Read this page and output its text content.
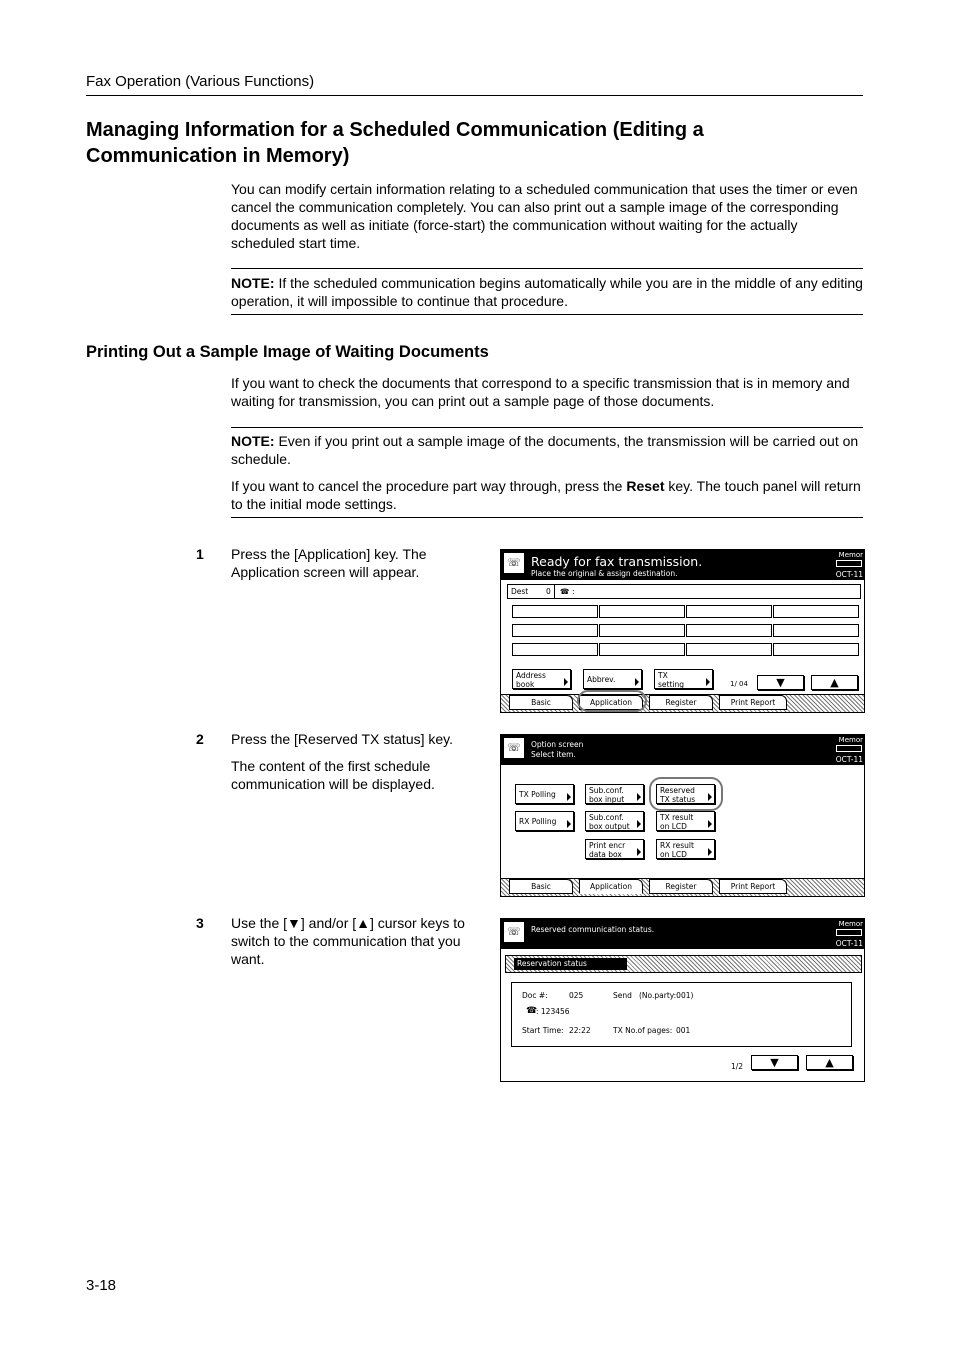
Fax Operation (Various Functions)
Managing Information for a Scheduled Communication (Editing a Communication in Memory)
You can modify certain information relating to a scheduled communication that uses the timer or even cancel the communication completely. You can also print out a sample image of the corresponding documents as well as initiate (force-start) the communication without waiting for the actually scheduled start time.
NOTE: If the scheduled communication begins automatically while you are in the middle of any editing operation, it will impossible to continue that procedure.
Printing Out a Sample Image of Waiting Documents
If you want to check the documents that correspond to a specific transmission that is in memory and waiting for transmission, you can print out a sample page of those documents.
NOTE: Even if you print out a sample image of the documents, the transmission will be carried out on schedule.
If you want to cancel the procedure part way through, press the Reset key. The touch panel will return to the initial mode settings.
1 Press the [Application] key. The Application screen will appear.
2 Press the [Reserved TX status] key.
The content of the first schedule communication will be displayed.
3 Use the [▼] and/or [▲] cursor keys to switch to the communication that you want.
☏ Ready for fax transmission.
Place the original & assign destination.
Memor
OCT-11
Dest 0 ☎ :
Address
book	Abbrev.	TX
setting	1/ 04	▼	▲
Basic	Application	Register	Print Report
☏	Option screen
Select item.
Memor
OCT-11
TX Polling	Sub.conf.
box input
Reserved
TX status
RX Polling	Sub.conf.
box output
TX result
on LCD
Print encr
data box
RX result
on LCD
Basic	Application	Register	Print Report
☏	Reserved communication status.
Memor
OCT-11
Reservation status
Doc #:	025	Send (No.party:001)
☎
: 123456
Start Time: 22:22	TX No.of pages: 001
1/2	▼	▲
3-18
